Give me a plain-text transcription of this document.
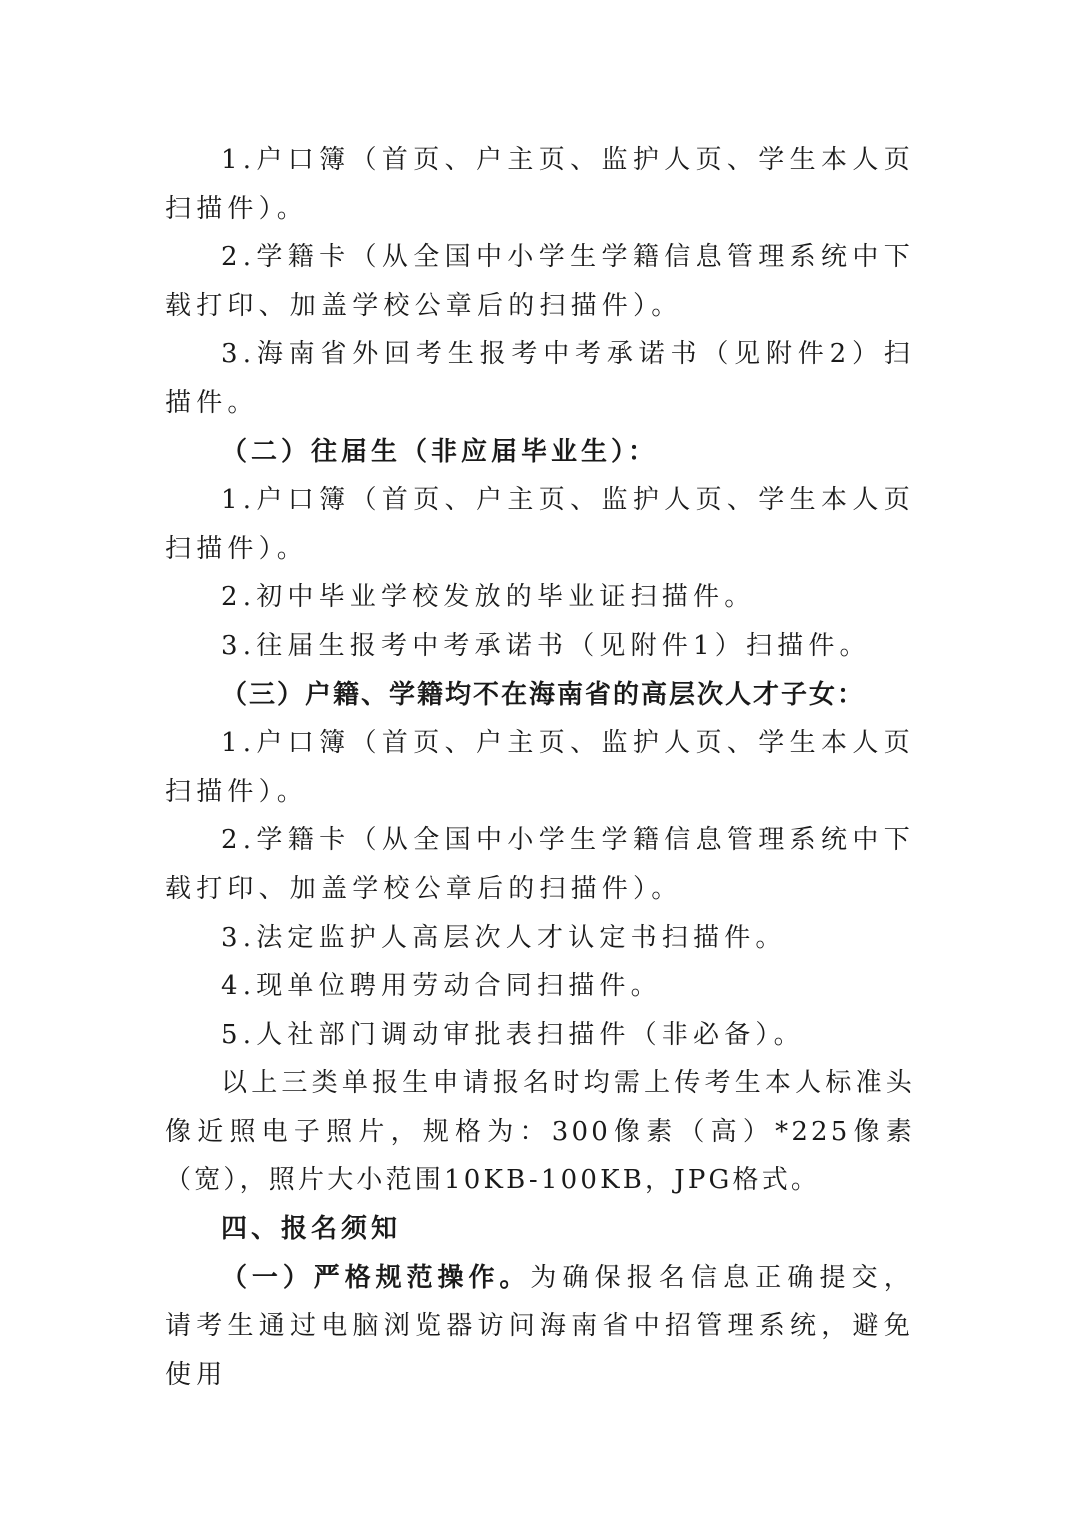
1.户口簿（首页、户主页、监护人页、学生本人页扫描件）。

2.学籍卡（从全国中小学生学籍信息管理系统中下载打印、加盖学校公章后的扫描件）。

3.海南省外回考生报考中考承诺书（见附件2）扫描件。

（二）往届生（非应届毕业生）：

1.户口簿（首页、户主页、监护人页、学生本人页扫描件）。

2.初中毕业学校发放的毕业证扫描件。

3.往届生报考中考承诺书（见附件1）扫描件。

（三）户籍、学籍均不在海南省的高层次人才子女：

1.户口簿（首页、户主页、监护人页、学生本人页扫描件）。

2.学籍卡（从全国中小学生学籍信息管理系统中下载打印、加盖学校公章后的扫描件）。

3.法定监护人高层次人才认定书扫描件。

4.现单位聘用劳动合同扫描件。

5.人社部门调动审批表扫描件（非必备）。

以上三类单报生申请报名时均需上传考生本人标准头像近照电子照片，规格为：300像素（高）*225像素（宽），照片大小范围10KB-100KB，JPG格式。

四、报名须知

（一）严格规范操作。为确保报名信息正确提交，请考生通过电脑浏览器访问海南省中招管理系统，避免使用
